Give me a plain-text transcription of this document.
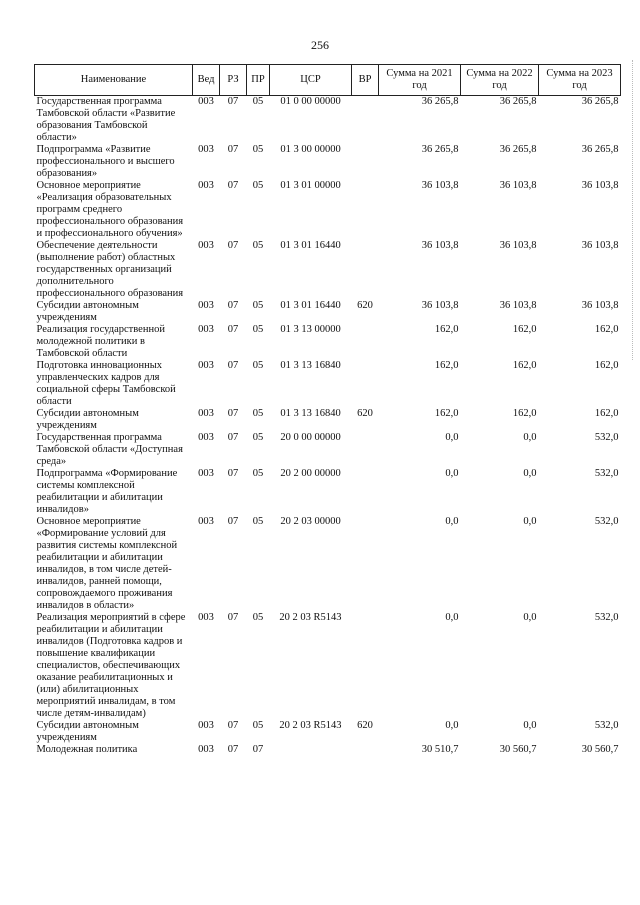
256
Наименование	Вед	РЗ	ПР	ЦСР	ВР	Сумма на 2021 год	Сумма на 2022 год	Сумма на 2023 год
Государственная программа Тамбовской области «Развитие образования Тамбовской области»	003	07	05	01 0 00 00000		36 265,8	36 265,8	36 265,8
Подпрограмма «Развитие профессионального и высшего образования»	003	07	05	01 3 00 00000		36 265,8	36 265,8	36 265,8
Основное мероприятие «Реализация образовательных программ среднего профессионального образования и профессионального обучения»	003	07	05	01 3 01 00000		36 103,8	36 103,8	36 103,8
Обеспечение деятельности (выполнение работ) областных государственных организаций дополнительного профессионального образования	003	07	05	01 3 01 16440		36 103,8	36 103,8	36 103,8
Субсидии автономным учреждениям	003	07	05	01 3 01 16440	620	36 103,8	36 103,8	36 103,8
Реализация государственной молодежной политики в Тамбовской области	003	07	05	01 3 13 00000		162,0	162,0	162,0
Подготовка инновационных управленческих кадров для социальной сферы Тамбовской области	003	07	05	01 3 13 16840		162,0	162,0	162,0
Субсидии автономным учреждениям	003	07	05	01 3 13 16840	620	162,0	162,0	162,0
Государственная программа Тамбовской области «Доступная среда»	003	07	05	20 0 00 00000		0,0	0,0	532,0
Подпрограмма «Формирование системы комплексной реабилитации и абилитации инвалидов»	003	07	05	20 2 00 00000		0,0	0,0	532,0
Основное мероприятие «Формирование условий для развития системы комплексной реабилитации и абилитации инвалидов, в том числе детей-инвалидов, ранней помощи, сопровождаемого проживания инвалидов в области»	003	07	05	20 2 03 00000		0,0	0,0	532,0
Реализация мероприятий в сфере реабилитации и абилитации инвалидов (Подготовка кадров и повышение квалификации специалистов, обеспечивающих оказание реабилитационных и (или) абилитационных мероприятий инвалидам, в том числе детям-инвалидам)	003	07	05	20 2 03 R5143		0,0	0,0	532,0
Субсидии автономным учреждениям	003	07	05	20 2 03 R5143	620	0,0	0,0	532,0
Молодежная политика	003	07	07			30 510,7	30 560,7	30 560,7
